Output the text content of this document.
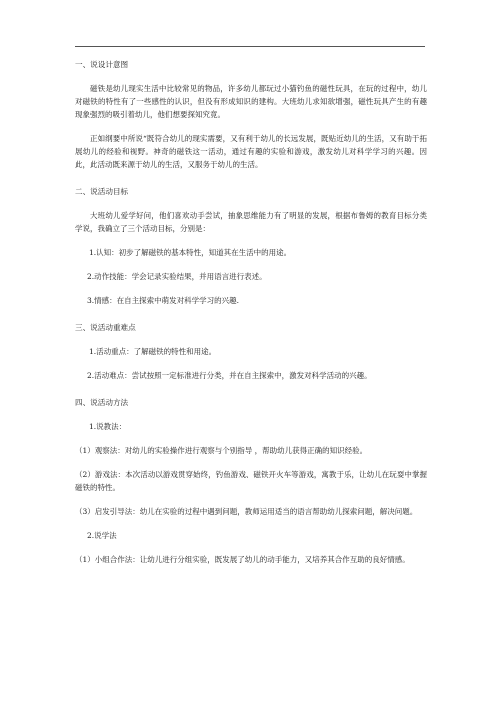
一、说设计意图
磁铁是幼儿现实生活中比较常见的物品，许多幼儿都玩过小猫钓鱼的磁性玩具，在玩的过程中，幼儿对磁铁的特性有了一些感性的认识，但没有形成知识的建构。大班幼儿求知欲增强，磁性玩具产生的有趣现象强烈的吸引着幼儿，他们想要探知究竟。
正如纲要中所说“既符合幼儿的现实需要，又有利于幼儿的长远发展，既贴近幼儿的生活，又有助于拓展幼儿的经验和视野。神奇的磁铁这一活动，通过有趣的实验和游戏，激发幼儿对科学学习的兴趣。因此，此活动既来源于幼儿的生活，又服务于幼儿的生活。
二、说活动目标
大班幼儿爱学好问，他们喜欢动手尝试，抽象思维能力有了明显的发展，根据布鲁姆的教育目标分类学说，我确立了三个活动目标，分别是：
1.认知：初步了解磁铁的基本特性，知道其在生活中的用途。
2.动作技能：学会记录实验结果，并用语言进行表述。
3.情感：在自主探索中萌发对科学学习的兴趣.
三、说活动重难点
1.活动重点：了解磁铁的特性和用途。
2.活动难点：尝试按照一定标准进行分类，并在自主探索中，激发对科学活动的兴趣。
四、说活动方法
1.说教法：
（1）观察法：对幼儿的实验操作进行观察与个别指导 ，帮助幼儿获得正确的知识经验。
（2）游戏法：本次活动以游戏贯穿始终，钓鱼游戏、磁铁开火车等游戏，寓教于乐，让幼儿在玩耍中掌握磁铁的特性。
（3）启发引导法：幼儿在实验的过程中遇到问题，教师运用适当的语言帮助幼儿探索问题，解决问题。
2.说学法
（1）小组合作法：让幼儿进行分组实验，既发展了幼儿的动手能力，又培养其合作互助的良好情感。
